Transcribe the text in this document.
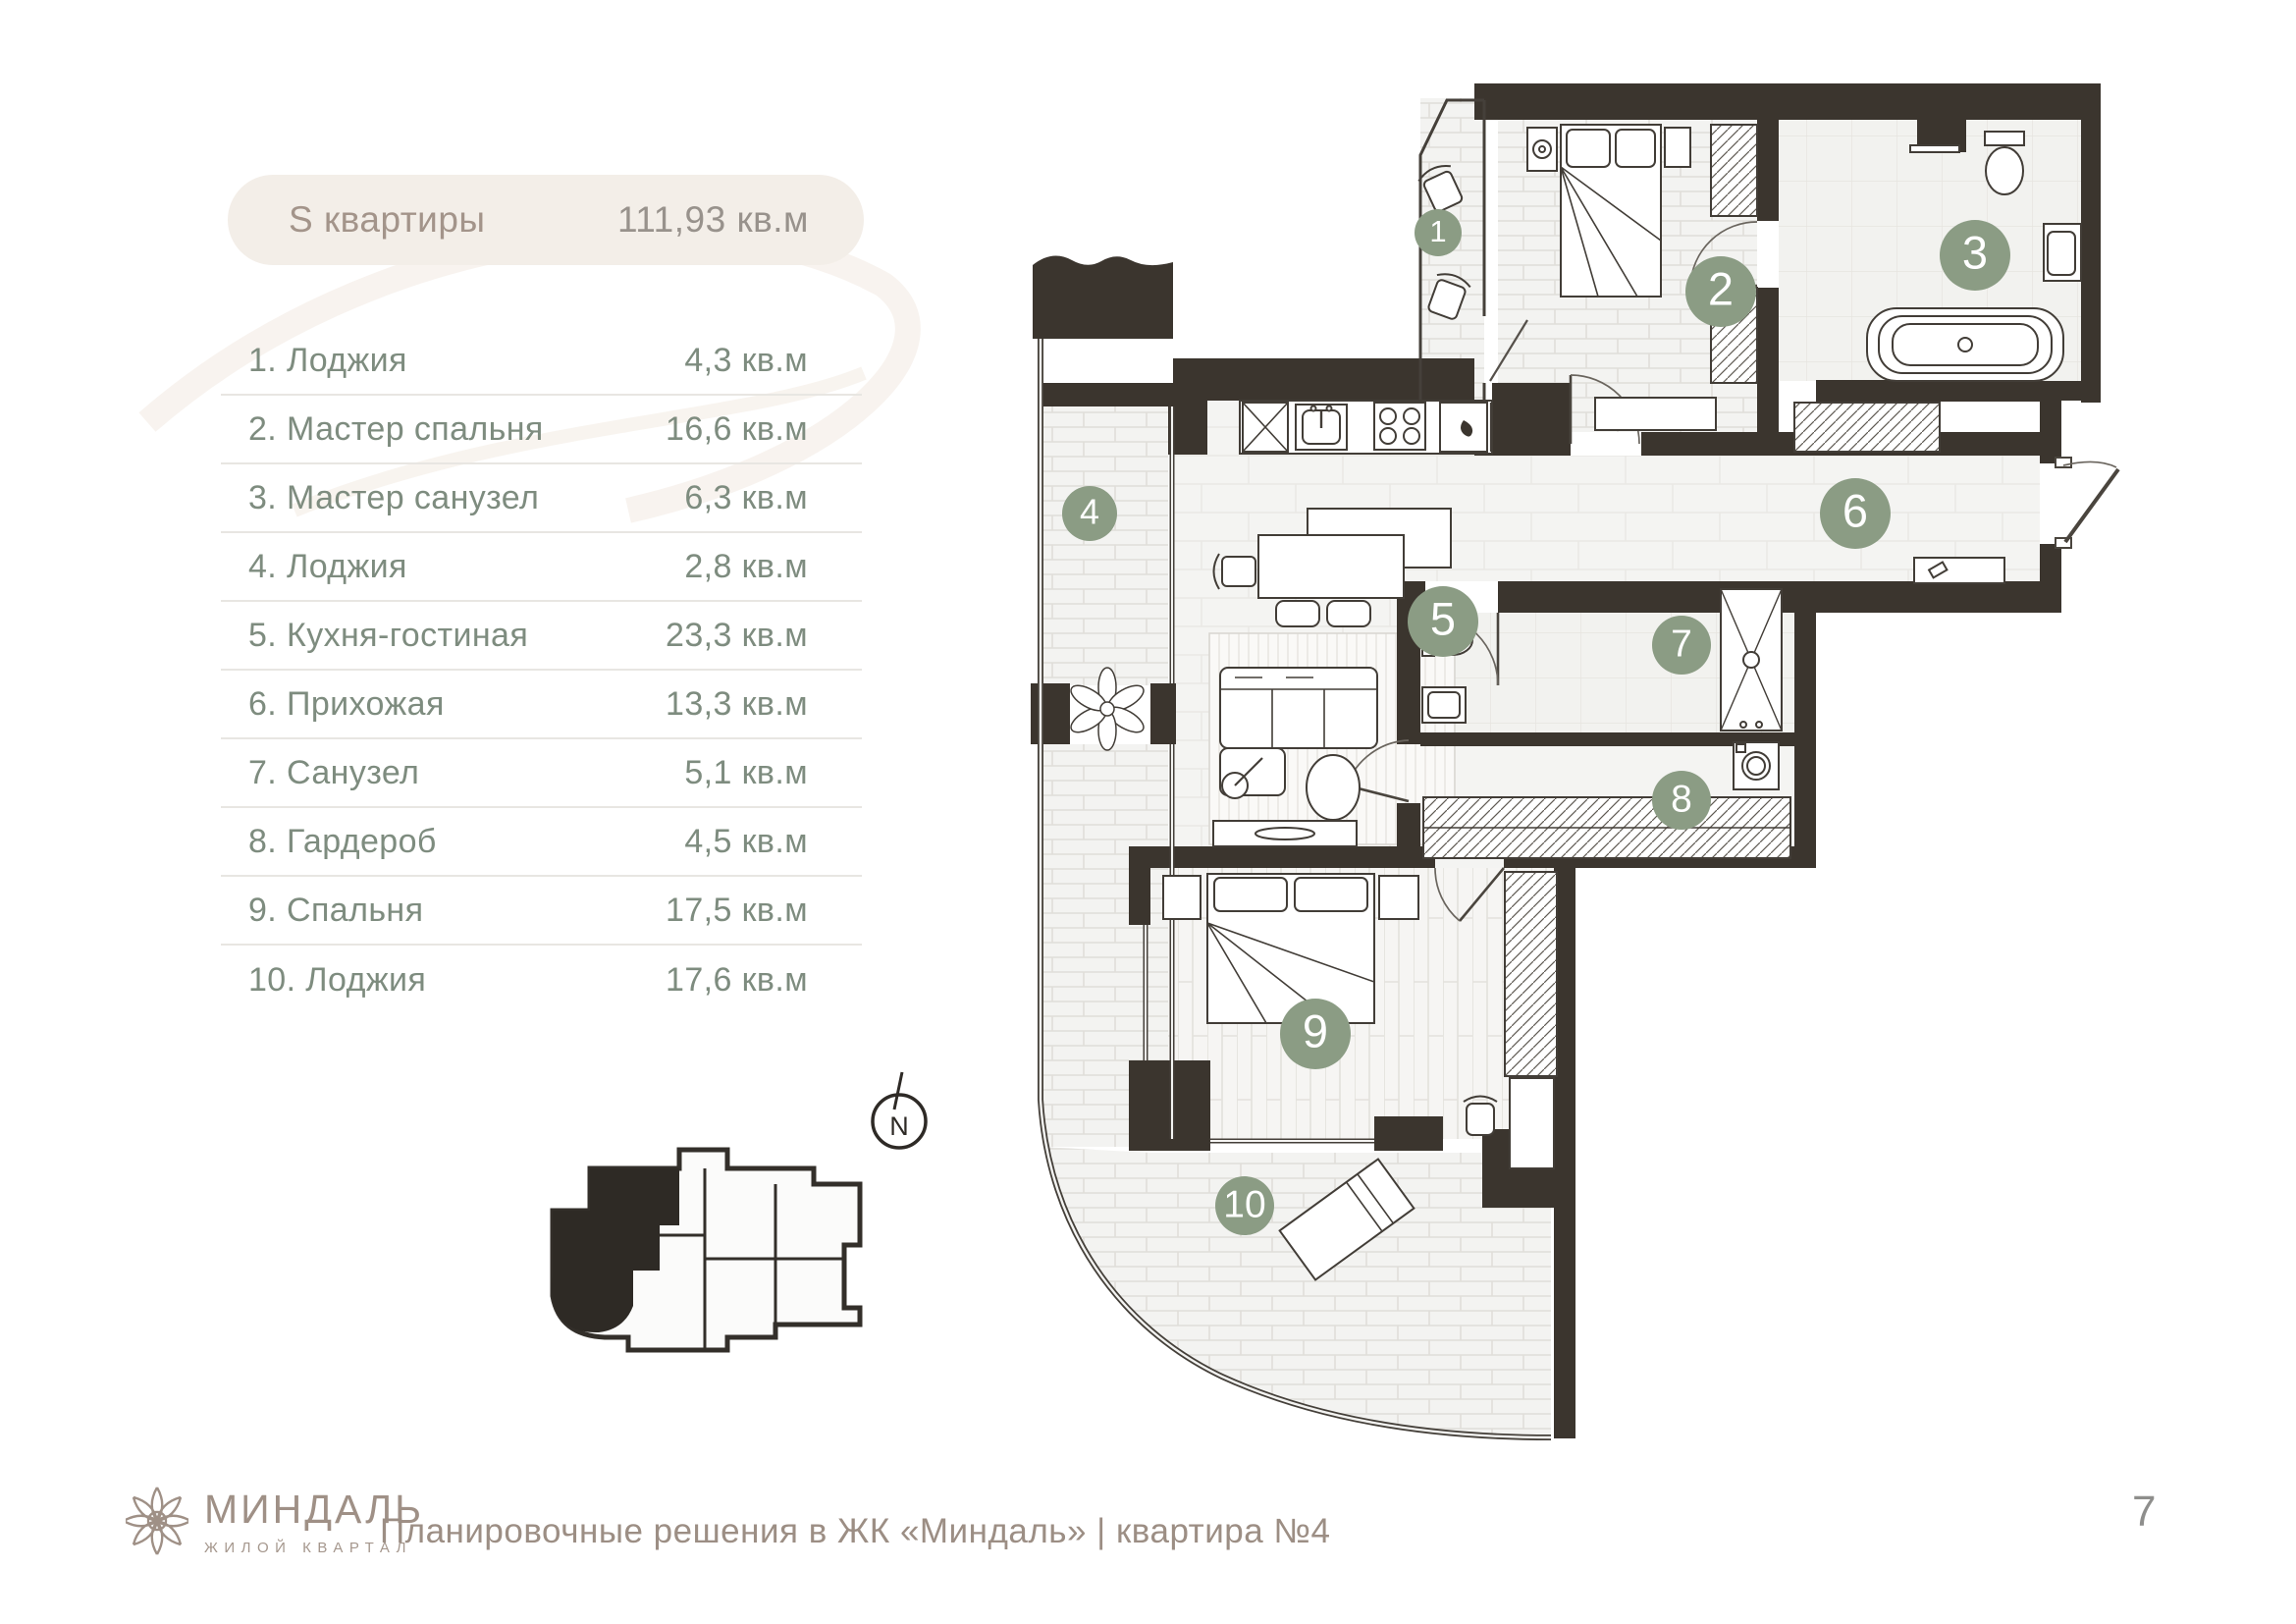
S квартиры	111,93 кв.м
1. Лоджия	4,3 кв.м
2. Мастер спальня	16,6 кв.м
3. Мастер санузел	6,3 кв.м
4. Лоджия	2,8 кв.м
5. Кухня-гостиная	23,3 кв.м
6. Прихожая	13,3 кв.м
7. Санузел	5,1 кв.м
8. Гардероб	4,5 кв.м
9. Спальня	17,5 кв.м
10. Лоджия	17,6 кв.м
1
2
3
4
5
6
7
8
9
10
N
МИНДАЛЬ
ЖИЛОЙ КВАРТАЛ
Планировочные решения в ЖК «Миндаль» | квартира №4	7
